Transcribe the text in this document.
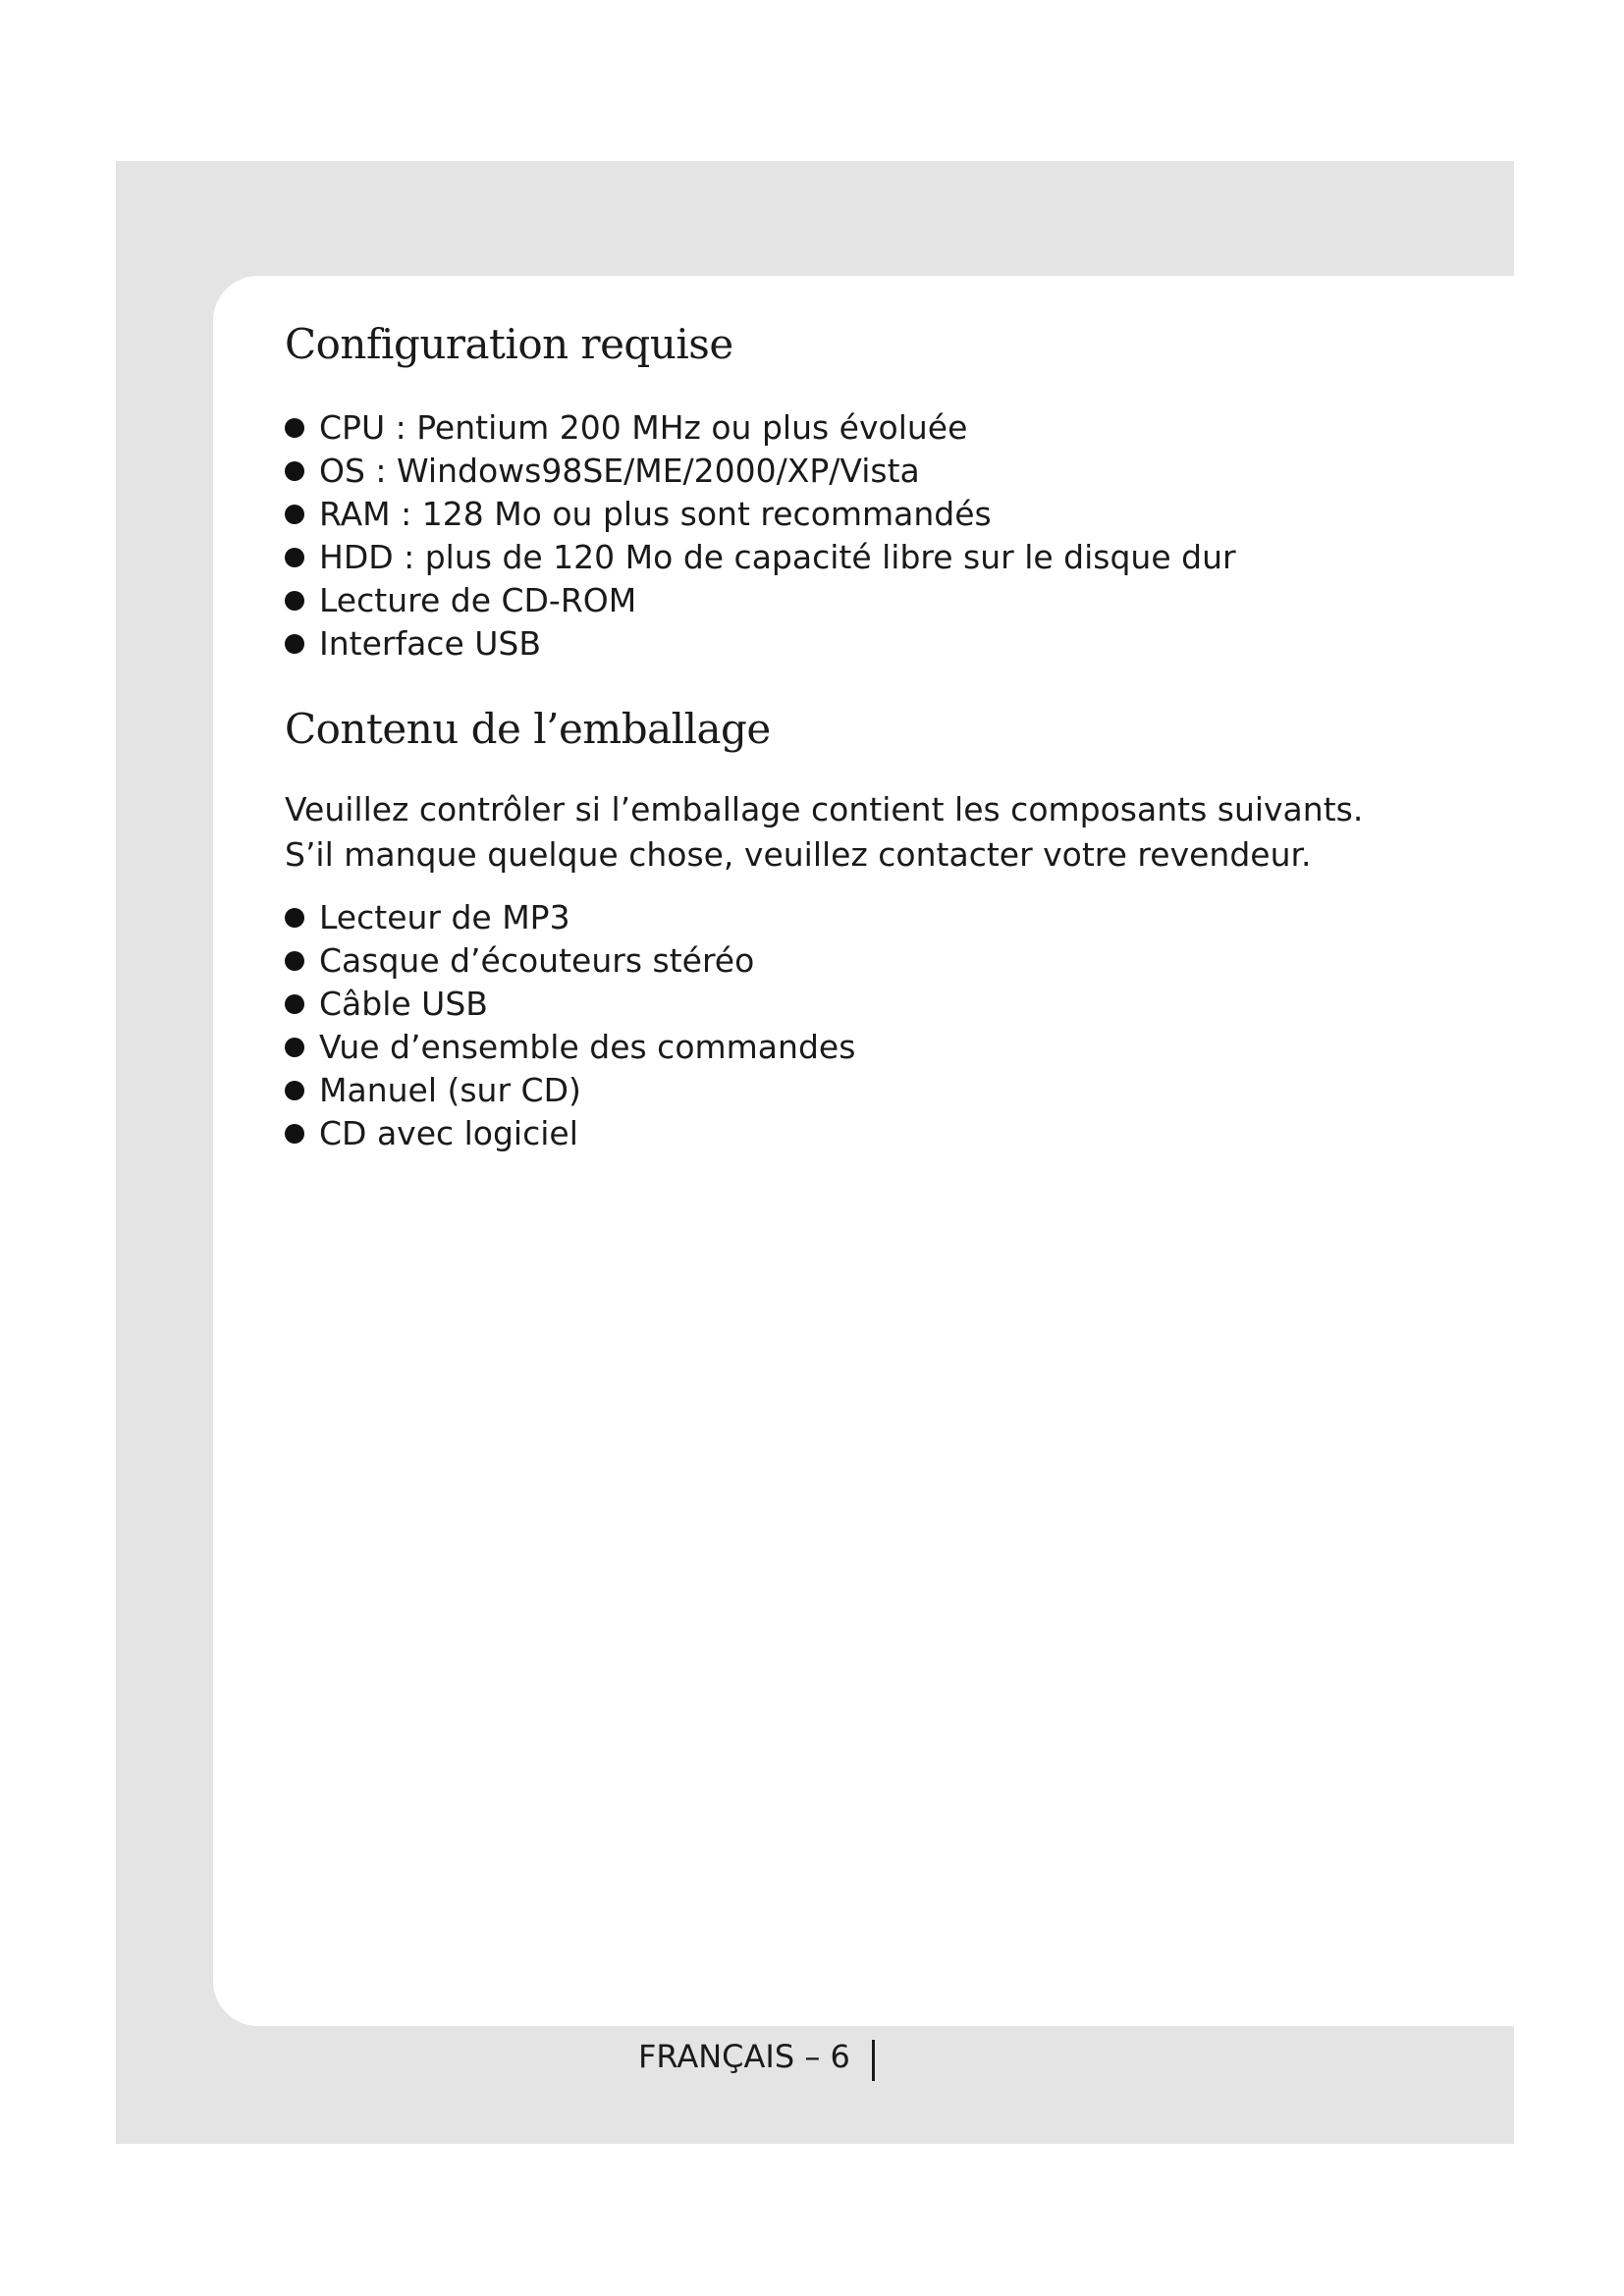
Configuration requise
CPU : Pentium 200 MHz ou plus évoluée
OS : Windows98SE/ME/2000/XP/Vista
RAM : 128 Mo ou plus sont recommandés
HDD : plus de 120 Mo de capacité libre sur le disque dur
Lecture de CD-ROM
Interface USB
Contenu de l’emballage

Veuillez contrôler si l’emballage contient les composants suivants.
S’il manque quelque chose, veuillez contacter votre revendeur.

Lecteur de MP3
Casque d’écouteurs stéréo
Câble USB
Vue d’ensemble des commandes
Manuel (sur CD)
CD avec logiciel
FRANÇAIS – 6
